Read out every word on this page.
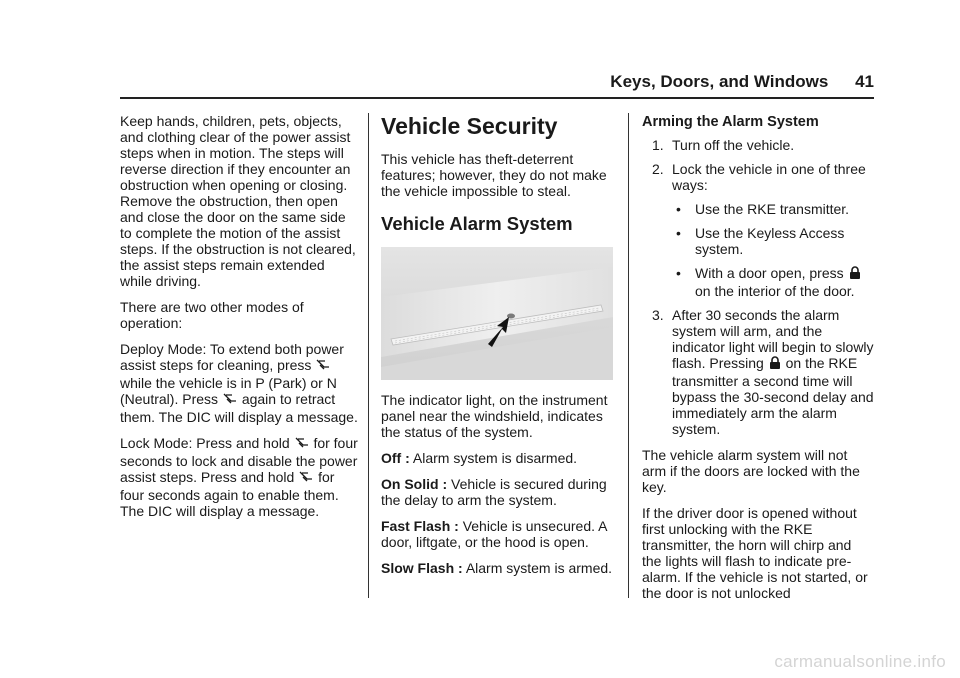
Keys, Doors, and Windows 41

Keep hands, children, pets, objects, and clothing clear of the power assist steps when in motion. The steps will reverse direction if they encounter an obstruction when opening or closing. Remove the obstruction, then open and close the door on the same side to complete the motion of the assist steps. If the obstruction is not cleared, the assist steps remain extended while driving.

There are two other modes of operation:

Deploy Mode: To extend both power assist steps for cleaning, press  while the vehicle is in P (Park) or N (Neutral). Press again to retract them. The DIC will display a message.

Lock Mode: Press and hold for four seconds to lock and disable the power assist steps. Press and hold for four seconds again to enable them. The DIC will display a message.

Vehicle Security

This vehicle has theft-deterrent features; however, they do not make the vehicle impossible to steal.

Vehicle Alarm System

The indicator light, on the instrument panel near the windshield, indicates the status of the system.

Off : Alarm system is disarmed.

On Solid : Vehicle is secured during the delay to arm the system.

Fast Flash : Vehicle is unsecured. A door, liftgate, or the hood is open.

Slow Flash : Alarm system is armed.

Arming the Alarm System
1. Turn off the vehicle.
2. Lock the vehicle in one of three ways:
• Use the RKE transmitter.
• Use the Keyless Access system.
• With a door open, press  on the interior of the door.
3. After 30 seconds the alarm system will arm, and the indicator light will begin to slowly flash. Pressing on the RKE transmitter a second time will bypass the 30-second delay and immediately arm the alarm system.

The vehicle alarm system will not arm if the doors are locked with the key.

If the driver door is opened without first unlocking with the RKE transmitter, the horn will chirp and the lights will flash to indicate pre-alarm. If the vehicle is not started, or the door is not unlocked

carmanualsonline.info
